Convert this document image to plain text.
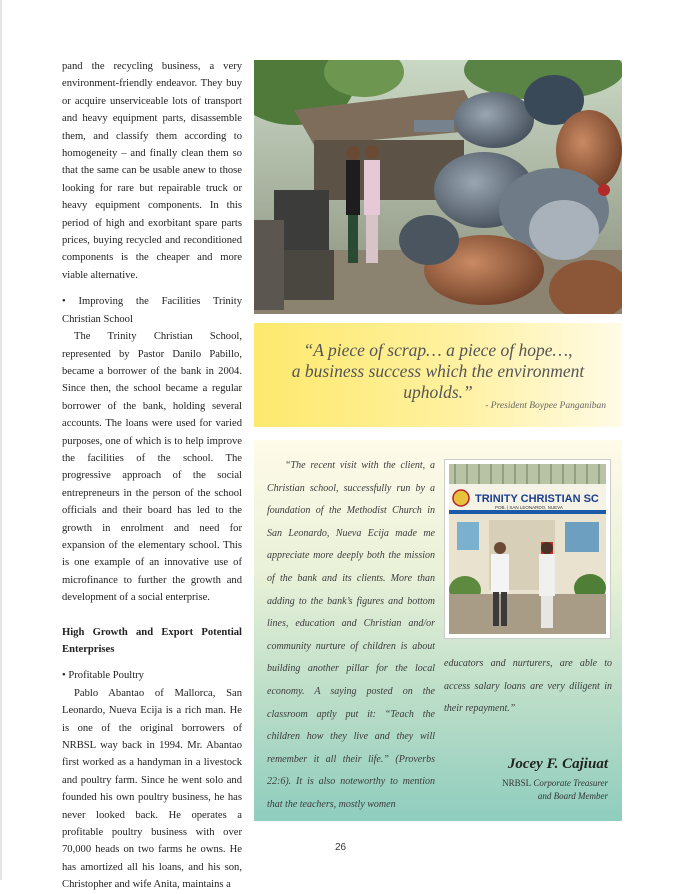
pand the recycling business, a very environment-friendly endeavor. They buy or acquire unserviceable lots of transport and heavy equipment parts, disassemble them, and classify them according to homogeneity – and finally clean them so that the same can be usable anew to those looking for rare but repairable truck or heavy equipment components. In this period of high and exorbitant spare parts prices, buying recycled and reconditioned components is the cheaper and more viable alternative.

• Improving the Facilities Trinity Christian School

The Trinity Christian School, represented by Pastor Danilo Pabillo, became a borrower of the bank in 2004. Since then, the school became a regular borrower of the bank, holding several accounts. The loans were used for varied purposes, one of which is to help improve the facilities of the school. The progressive approach of the social entrepreneurs in the person of the school officials and their board has led to the growth in enrolment and need for expansion of the elementary school. This is one example of an innovative use of microfinance to further the growth and development of a social enterprise.

High Growth and Export Potential Enterprises

• Profitable Poultry

Pablo Abantao of Mallorca, San Leonardo, Nueva Ecija is a rich man. He is one of the original borrowers of NRBSL way back in 1994. Mr. Abantao first worked as a handyman in a livestock and poultry farm. Since he went solo and founded his own poultry business, he has never looked back. He operates a profitable poultry business with over 70,000 heads on two farms he owns. He has amortized all his loans, and his son, Christopher and wife Anita, maintains a

“A piece of scrap… a piece of hope…,
a business success which the environment upholds.”
- President Boypee Panganiban

“The recent visit with the client, a Christian school, successfully run by a foundation of the Methodist Church in San Leonardo, Nueva Ecija made me appreciate more deeply both the mission of the bank and its clients. More than adding to the bank’s figures and bottom lines, education and Christian and/or community nurture of children is about building another pillar for the local economy. A saying posted on the classroom aptly put it: “Teach the children how they live and they will remember it all their life.” (Proverbs 22:6). It is also noteworthy to mention that the teachers, mostly women

TRINITY CHRISTIAN SC
POB. | SAN LEONARDO, NUEVA

educators and nurturers, are able to access salary loans are very diligent in their repayment.”

Jocey F. Cajiuat
NRBSL Corporate Treasurer
and Board Member
26
